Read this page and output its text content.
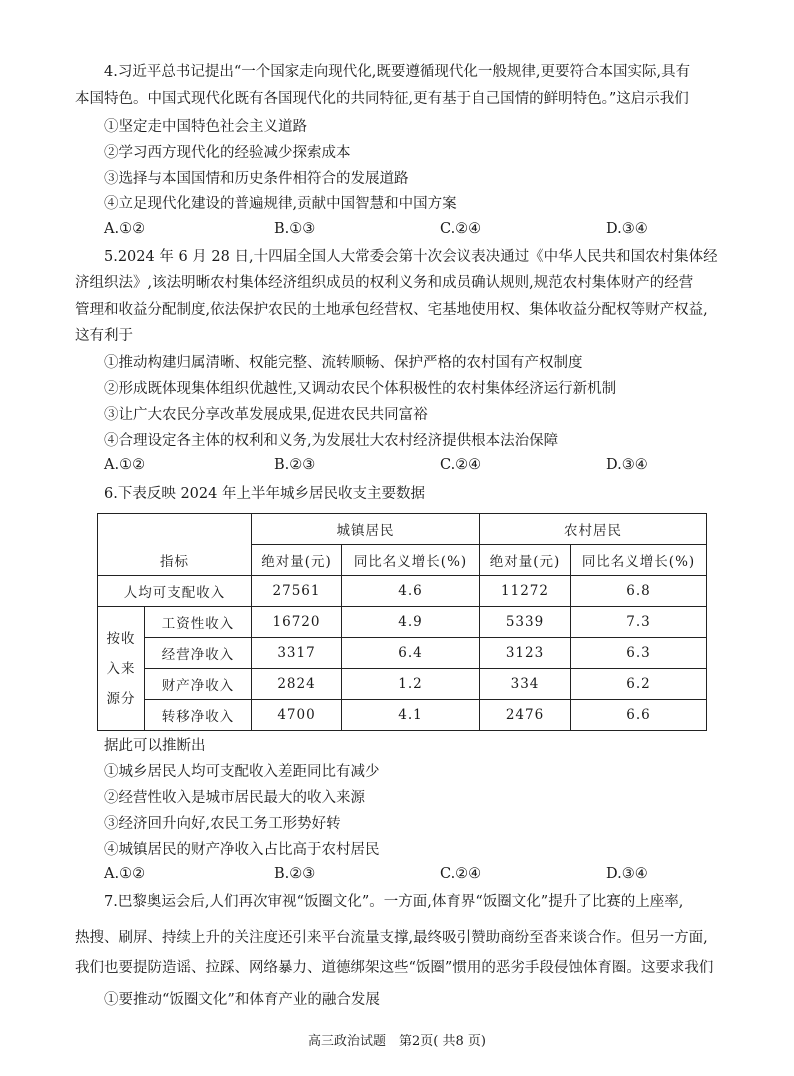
4.习近平总书记提出“一个国家走向现代化,既要遵循现代化一般规律,更要符合本国实际,具有
本国特色。中国式现代化既有各国现代化的共同特征,更有基于自己国情的鲜明特色。”这启示我们
①坚定走中国特色社会主义道路
②学习西方现代化的经验减少探索成本
③选择与本国国情和历史条件相符合的发展道路
④立足现代化建设的普遍规律,贡献中国智慧和中国方案
A.①②	B.①③	C.②④	D.③④
5.2024 年 6 月 28 日,十四届全国人大常委会第十次会议表决通过《中华人民共和国农村集体经
济组织法》,该法明晰农村集体经济组织成员的权利义务和成员确认规则,规范农村集体财产的经营
管理和收益分配制度,依法保护农民的土地承包经营权、宅基地使用权、集体收益分配权等财产权益,
这有利于
①推动构建归属清晰、权能完整、流转顺畅、保护严格的农村国有产权制度
②形成既体现集体组织优越性,又调动农民个体积极性的农村集体经济运行新机制
③让广大农民分享改革发展成果,促进农民共同富裕
④合理设定各主体的权利和义务,为发展壮大农村经济提供根本法治保障
A.①②	B.②③	C.②④	D.③④
6.下表反映 2024 年上半年城乡居民收支主要数据
		城镇居民		农村居民	
指标		绝对量(元)	同比名义增长(%)	绝对量(元)	同比名义增长(%)
人均可支配收入		27561	4.6	11272	6.8

按收
入来
源分	工资性收入	16720	4.9	5339	7.3
	经营净收入	3317	6.4	3123	6.3
	财产净收入	2824	1.2	334	6.2
	转移净收入	4700	4.1	2476	6.6
据此可以推断出
①城乡居民人均可支配收入差距同比有减少
②经营性收入是城市居民最大的收入来源
③经济回升向好,农民工务工形势好转
④城镇居民的财产净收入占比高于农村居民
A.①②	B.②③	C.②④	D.③④
7.巴黎奥运会后,人们再次审视“饭圈文化”。一方面,体育界“饭圈文化”提升了比赛的上座率,
热搜、刷屏、持续上升的关注度还引来平台流量支撑,最终吸引赞助商纷至沓来谈合作。但另一方面,
我们也要提防造谣、拉踩、网络暴力、道德绑架这些“饭圈”惯用的恶劣手段侵蚀体育圈。这要求我们
①要推动“饭圈文化”和体育产业的融合发展
高三政治试题　第2页( 共8 页)
